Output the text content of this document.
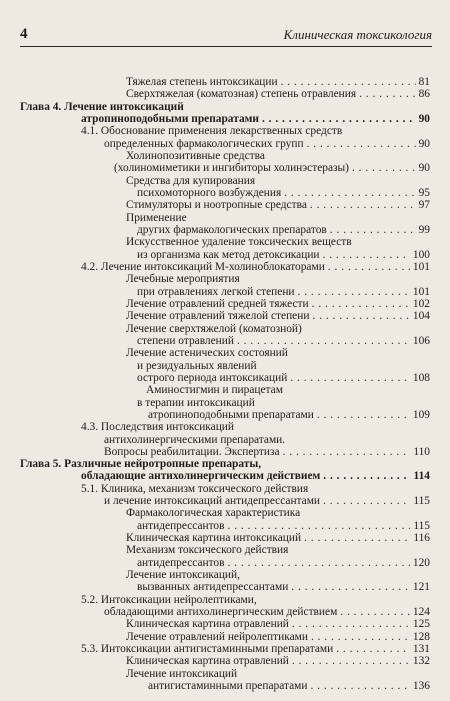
4	Клиническая токсикология
Тяжелая степень интоксикации . . .	81
Сверхтяжелая (коматозная) степень отравления . . .	86
Глава 4. Лечение интоксикаций
атропиноподобными препаратами . . .	90
4.1. Обоснование применения лекарственных средств
определенных фармакологических групп . . .	90
Холинопозитивные средства
(холиномиметики и ингибиторы холинэстеразы) . . .	90
Средства для купирования
психомоторного возбуждения . . .	95
Стимуляторы и ноотропные средства . . .	97
Применение
других фармакологических препаратов . . .	99
Искусственное удаление токсических веществ
из организма как метод детоксикации . . .	100
4.2. Лечение интоксикаций М-холиноблокаторами . . .	101
Лечебные мероприятия
при отравлениях легкой степени . . .	101
Лечение отравлений средней тяжести . . .	102
Лечение отравлений тяжелой степени . . .	104
Лечение сверхтяжелой (коматозной)
степени отравлений . . .	106
Лечение астенических состояний
и резидуальных явлений
острого периода интоксикаций . . .	108
Аминостигмин и пирацетам
в терапии интоксикаций
атропиноподобными препаратами . . .	109
4.3. Последствия интоксикаций
антихолинергическими препаратами.
Вопросы реабилитации. Экспертиза . . .	110
Глава 5. Различные нейротропные препараты,
обладающие антихолинергическим действием . . .	114
5.1. Клиника, механизм токсического действия
и лечение интоксикаций антидепрессантами . . .	115
Фармакологическая характеристика
антидепрессантов . . .	115
Клиническая картина интоксикаций . . .	116
Механизм токсического действия
антидепрессантов . . .	120
Лечение интоксикаций,
вызванных антидепрессантами . . .	121
5.2. Интоксикации нейролептиками,
обладающими антихолинергическим действием . . .	124
Клиническая картина отравлений . . .	125
Лечение отравлений нейролептиками . . .	128
5.3. Интоксикации антигистаминными препаратами . . .	131
Клиническая картина отравлений . . .	132
Лечение интоксикаций
антигистаминными препаратами . . .	136
